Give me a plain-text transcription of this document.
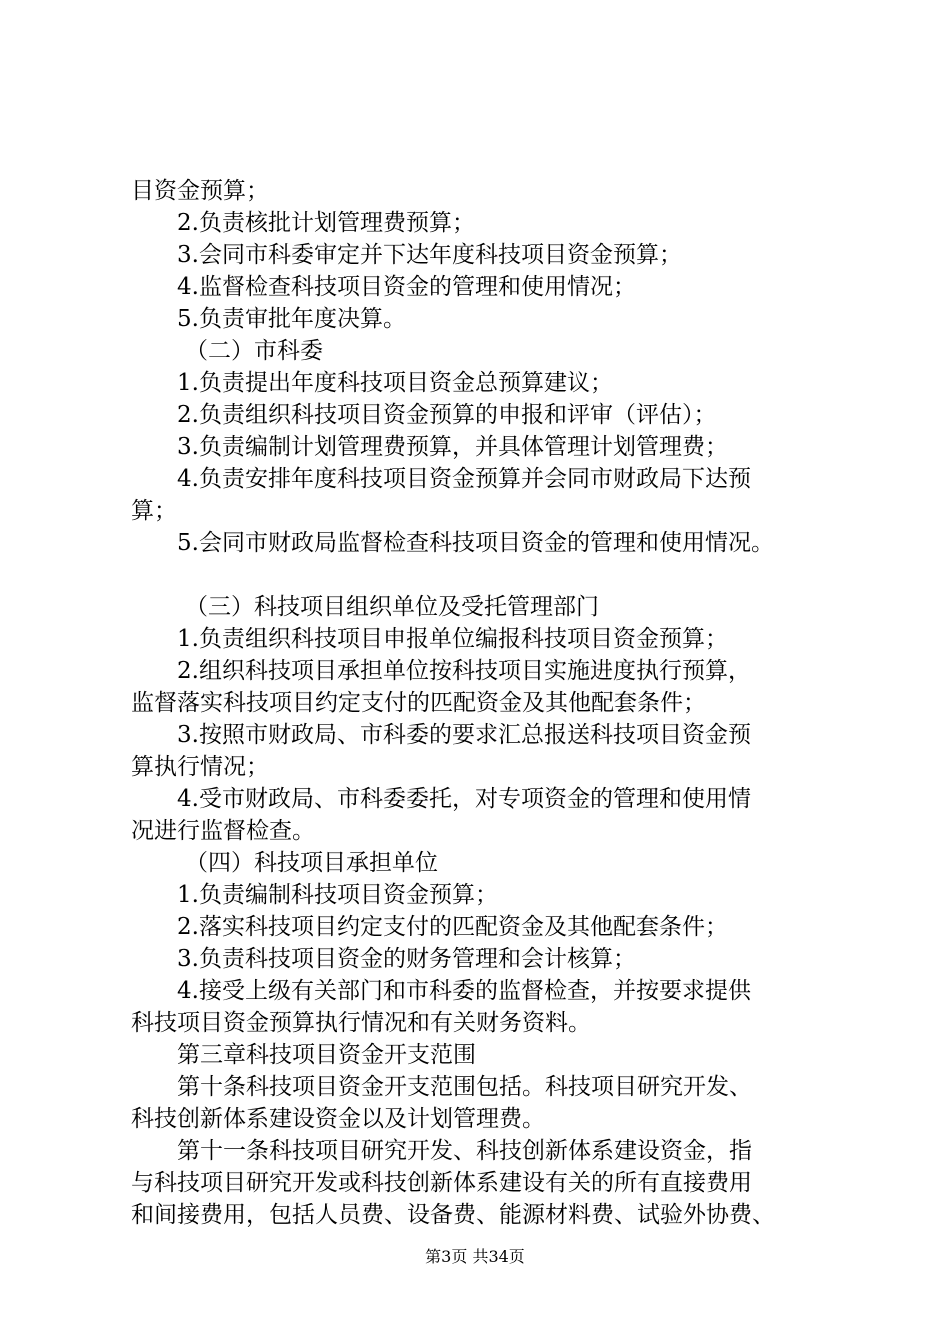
目资金预算；
2.负责核批计划管理费预算；
3.会同市科委审定并下达年度科技项目资金预算；
4.监督检查科技项目资金的管理和使用情况；
5.负责审批年度决算。
（二）市科委
1.负责提出年度科技项目资金总预算建议；
2.负责组织科技项目资金预算的申报和评审（评估）；
3.负责编制计划管理费预算，并具体管理计划管理费；
4.负责安排年度科技项目资金预算并会同市财政局下达预
算；
5.会同市财政局监督检查科技项目资金的管理和使用情况。
（三）科技项目组织单位及受托管理部门
1.负责组织科技项目申报单位编报科技项目资金预算；
2.组织科技项目承担单位按科技项目实施进度执行预算，
监督落实科技项目约定支付的匹配资金及其他配套条件；
3.按照市财政局、市科委的要求汇总报送科技项目资金预
算执行情况；
4.受市财政局、市科委委托，对专项资金的管理和使用情
况进行监督检查。
（四）科技项目承担单位
1.负责编制科技项目资金预算；
2.落实科技项目约定支付的匹配资金及其他配套条件；
3.负责科技项目资金的财务管理和会计核算；
4.接受上级有关部门和市科委的监督检查，并按要求提供
科技项目资金预算执行情况和有关财务资料。
第三章科技项目资金开支范围
第十条科技项目资金开支范围包括。科技项目研究开发、
科技创新体系建设资金以及计划管理费。
第十一条科技项目研究开发、科技创新体系建设资金，指
与科技项目研究开发或科技创新体系建设有关的所有直接费用
和间接费用，包括人员费、设备费、能源材料费、试验外协费、
第3页 共34页
